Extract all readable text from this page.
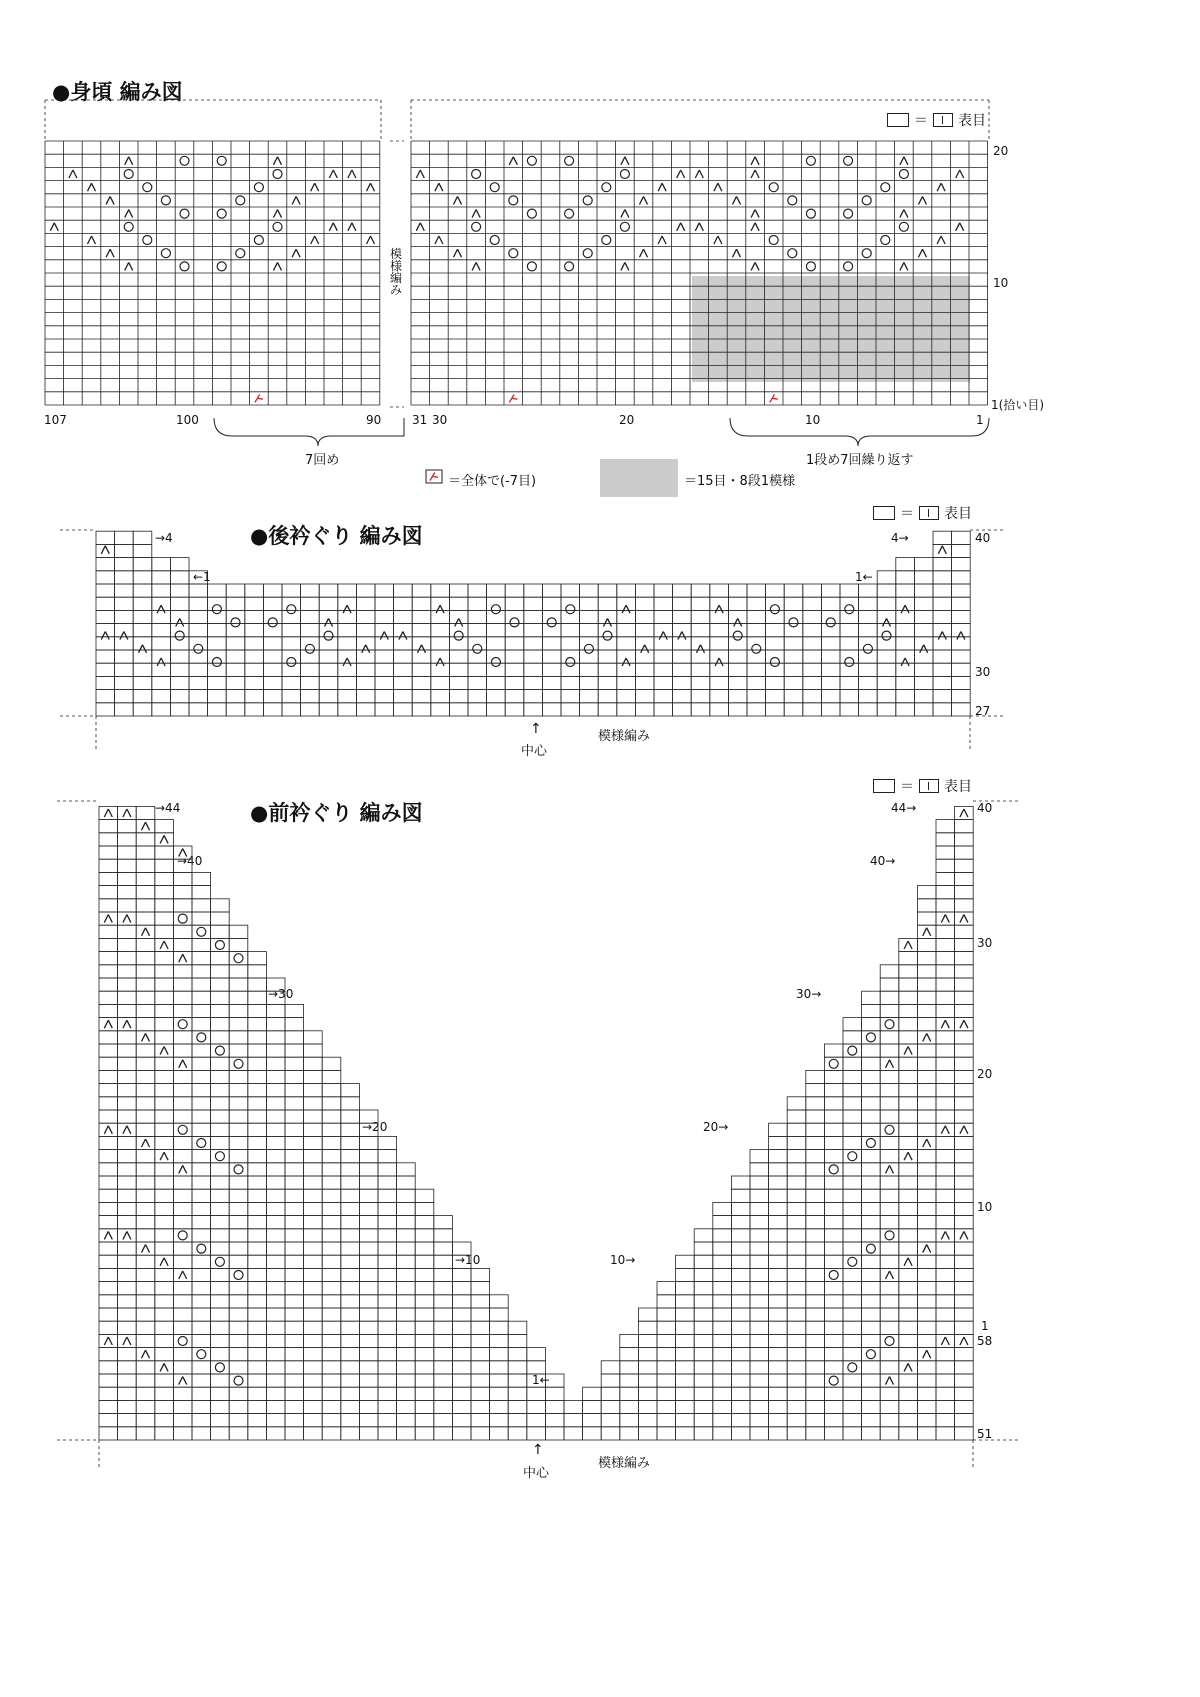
●身頃 編み図
●後衿ぐり 編み図
●前衿ぐり 編み図
＝ 表目
＝ 表目
＝ 表目
107	100	90	31 30	20	10	1
20
10
1(拾い目)
模様編み
7回め	1段め7回繰り返す
＝全体で(-7目)	＝15目・8段1模様
→4
←1
4→
1←
40
30
27
↑
中心
模様編み
→44
→40
→30
→20
→10
44→
40→
30→
20→
10→
1←
40
30
20
10
1
58
51
↑
中心
模様編み
